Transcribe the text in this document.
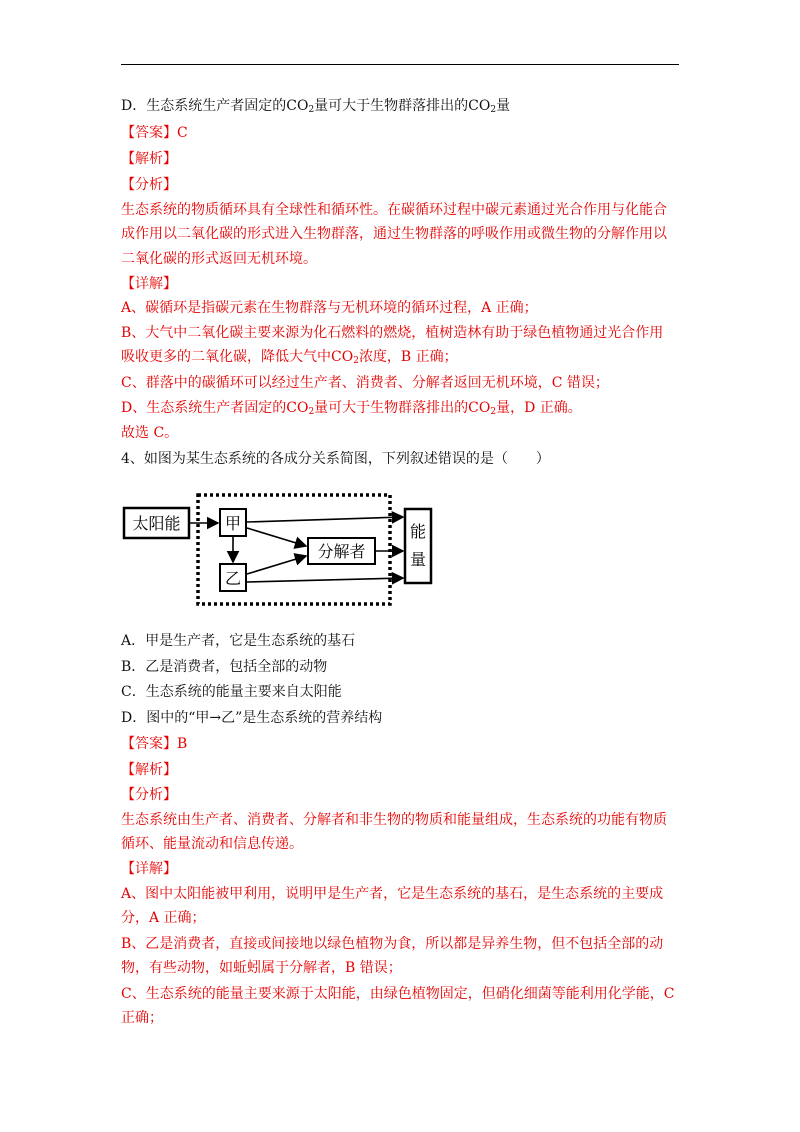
D．生态系统生产者固定的$CO_2$量可大于生物群落排出的$CO_2$量
【答案】C
【解析】
【分析】
生态系统的物质循环具有全球性和循环性。在碳循环过程中碳元素通过光合作用与化能合
成作用以二氧化碳的形式进入生物群落，通过生物群落的呼吸作用或微生物的分解作用以
二氧化碳的形式返回无机环境。
【详解】
A、碳循环是指碳元素在生物群落与无机环境的循环过程，A 正确；
B、大气中二氧化碳主要来源为化石燃料的燃烧，植树造林有助于绿色植物通过光合作用
吸收更多的二氧化碳，降低大气中$CO_2$浓度，B 正确；
C、群落中的碳循环可以经过生产者、消费者、分解者返回无机环境，C 错误；
D、生态系统生产者固定的$CO_2$量可大于生物群落排出的$CO_2$量，D 正确。
故选 C。
4、如图为某生态系统的各成分关系简图，下列叙述错误的是（　　）
太阳能	甲
乙
分解者
能
量
A．甲是生产者，它是生态系统的基石
B．乙是消费者，包括全部的动物
C．生态系统的能量主要来自太阳能
D．图中的“甲→乙”是生态系统的营养结构
【答案】B
【解析】
【分析】
生态系统由生产者、消费者、分解者和非生物的物质和能量组成，生态系统的功能有物质
循环、能量流动和信息传递。
【详解】
A、图中太阳能被甲利用，说明甲是生产者，它是生态系统的基石，是生态系统的主要成
分，A 正确；
B、乙是消费者，直接或间接地以绿色植物为食，所以都是异养生物，但不包括全部的动
物，有些动物，如蚯蚓属于分解者，B 错误；
C、生态系统的能量主要来源于太阳能，由绿色植物固定，但硝化细菌等能利用化学能，C
正确；
